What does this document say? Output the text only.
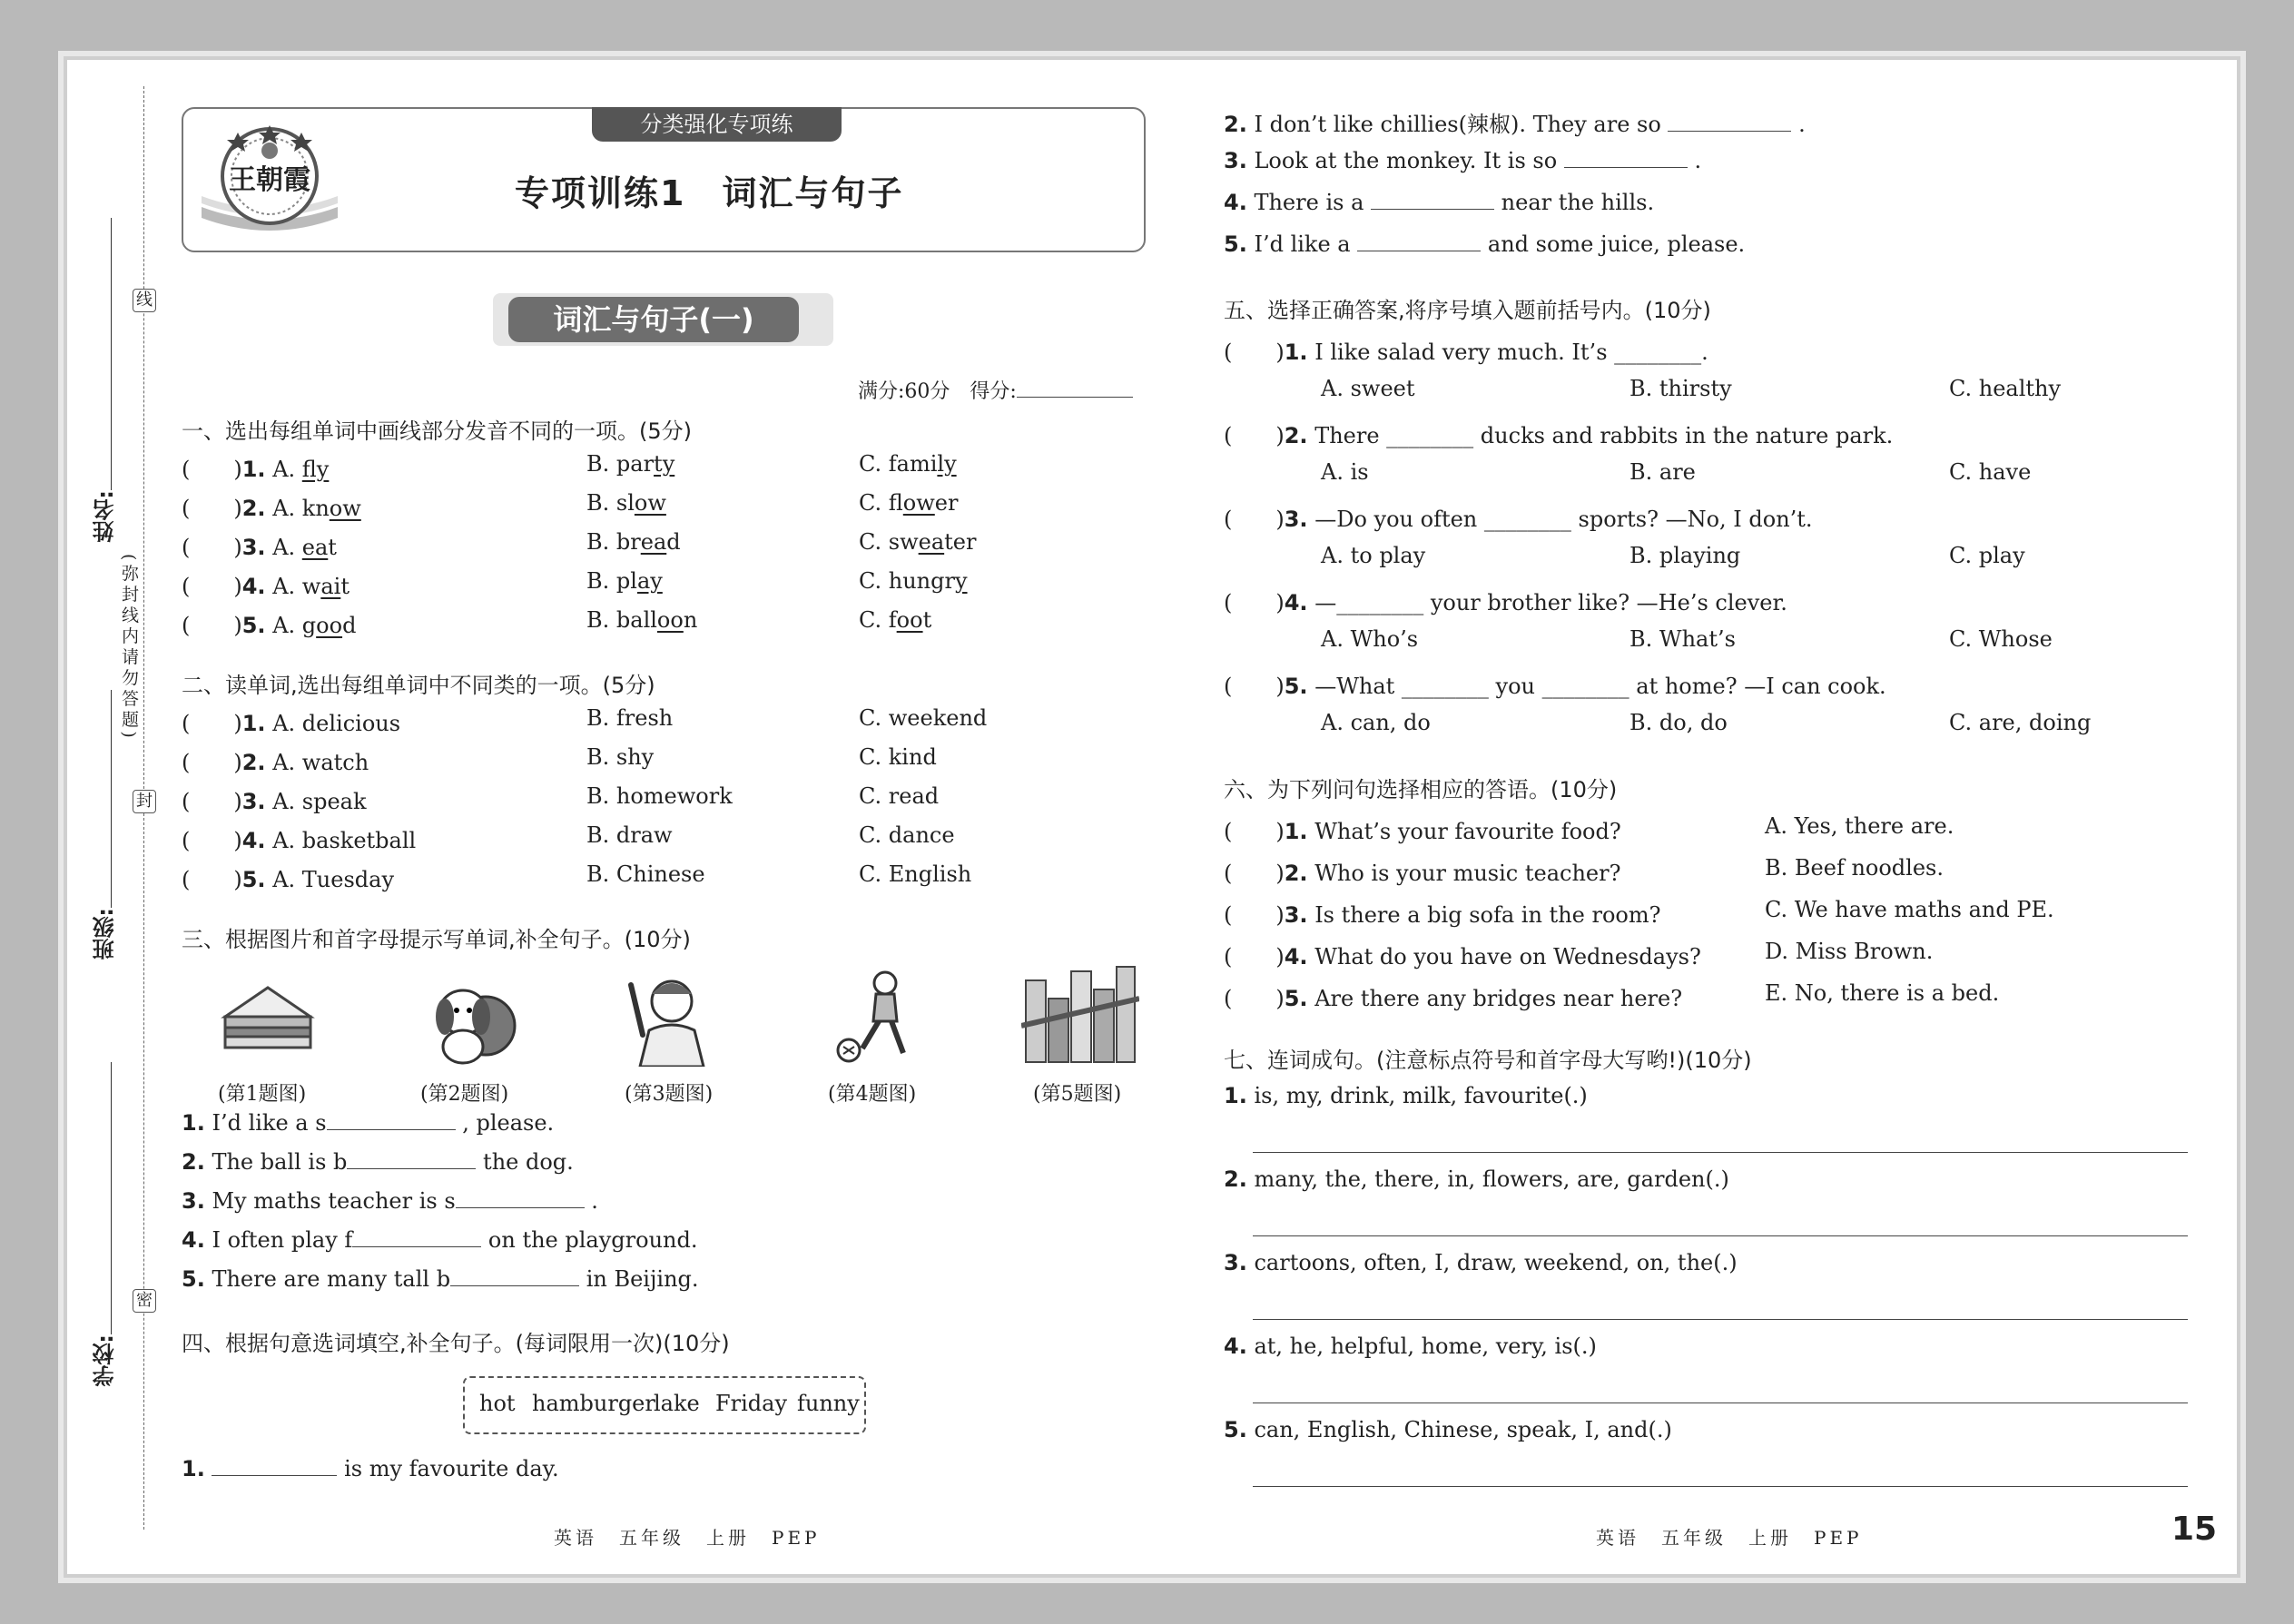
姓名:
班级:
学校:
(弥封线内请勿答题)
线
封
密
分类强化专项练
王朝霞	专项训练1　词汇与句子
词汇与句子(一)
满分:60分　得分:
一、选出每组单词中画线部分发音不同的一项。(5分)
(　　)1. A. fly	B. party	C. family
(　　)2. A. know	B. slow	C. flower
(　　)3. A. eat	B. bread	C. sweater
(　　)4. A. wait	B. play	C. hungry
(　　)5. A. good	B. balloon	C. foot
二、读单词,选出每组单词中不同类的一项。(5分)
(　　)1. A. delicious	B. fresh	C. weekend
(　　)2. A. watch	B. shy	C. kind
(　　)3. A. speak	B. homework	C. read
(　　)4. A. basketball	B. draw	C. dance
(　　)5. A. Tuesday	B. Chinese	C. English
三、根据图片和首字母提示写单词,补全句子。(10分)
(第1题图)	(第2题图)	(第3题图)	(第4题图)	(第5题图)
1. I’d like a s	, please.
2. The ball is b	the dog.
3. My maths teacher is s	.
4. I often play f	on the playground.
5. There are many tall b	in Beijing.
四、根据句意选词填空,补全句子。(每词限用一次)(10分)
hot hamburger
lake Friday funny
1.	is my favourite day.
英语　五年级　上册　PEP
2. I don’t like chillies(辣椒). They are so	.
3. Look at the monkey. It is so	.
4. There is a	near the hills.
5. I’d like a	and some juice, please.
五、选择正确答案,将序号填入题前括号内。(10分)
(　　)1. I like salad very much. It’s ________.
A. sweet	B. thirsty	C. healthy
(　　)2. There ________ ducks and rabbits in the nature park.
A. is	B. are	C. have
(　　)3. —Do you often ________ sports? —No, I don’t.
A. to play	B. playing	C. play
(　　)4. —________ your brother like? —He’s clever.
A. Who’s	B. What’s	C. Whose
(　　)5. —What ________ you ________ at home? —I can cook.
A. can, do	B. do, do	C. are, doing
六、为下列问句选择相应的答语。(10分)
(　　)1. What’s your favourite food?	A. Yes, there are.
(　　)2. Who is your music teacher?	B. Beef noodles.
(　　)3. Is there a big sofa in the room?	C. We have maths and PE.
(　　)4. What do you have on Wednesdays?	D. Miss Brown.
(　　)5. Are there any bridges near here?	E. No, there is a bed.
七、连词成句。(注意标点符号和首字母大写哟!)(10分)
1. is, my, drink, milk, favourite(.)
2. many, the, there, in, flowers, are, garden(.)
3. cartoons, often, I, draw, weekend, on, the(.)
4. at, he, helpful, home, very, is(.)
5. can, English, Chinese, speak, I, and(.)
英语　五年级　上册　PEP	15
